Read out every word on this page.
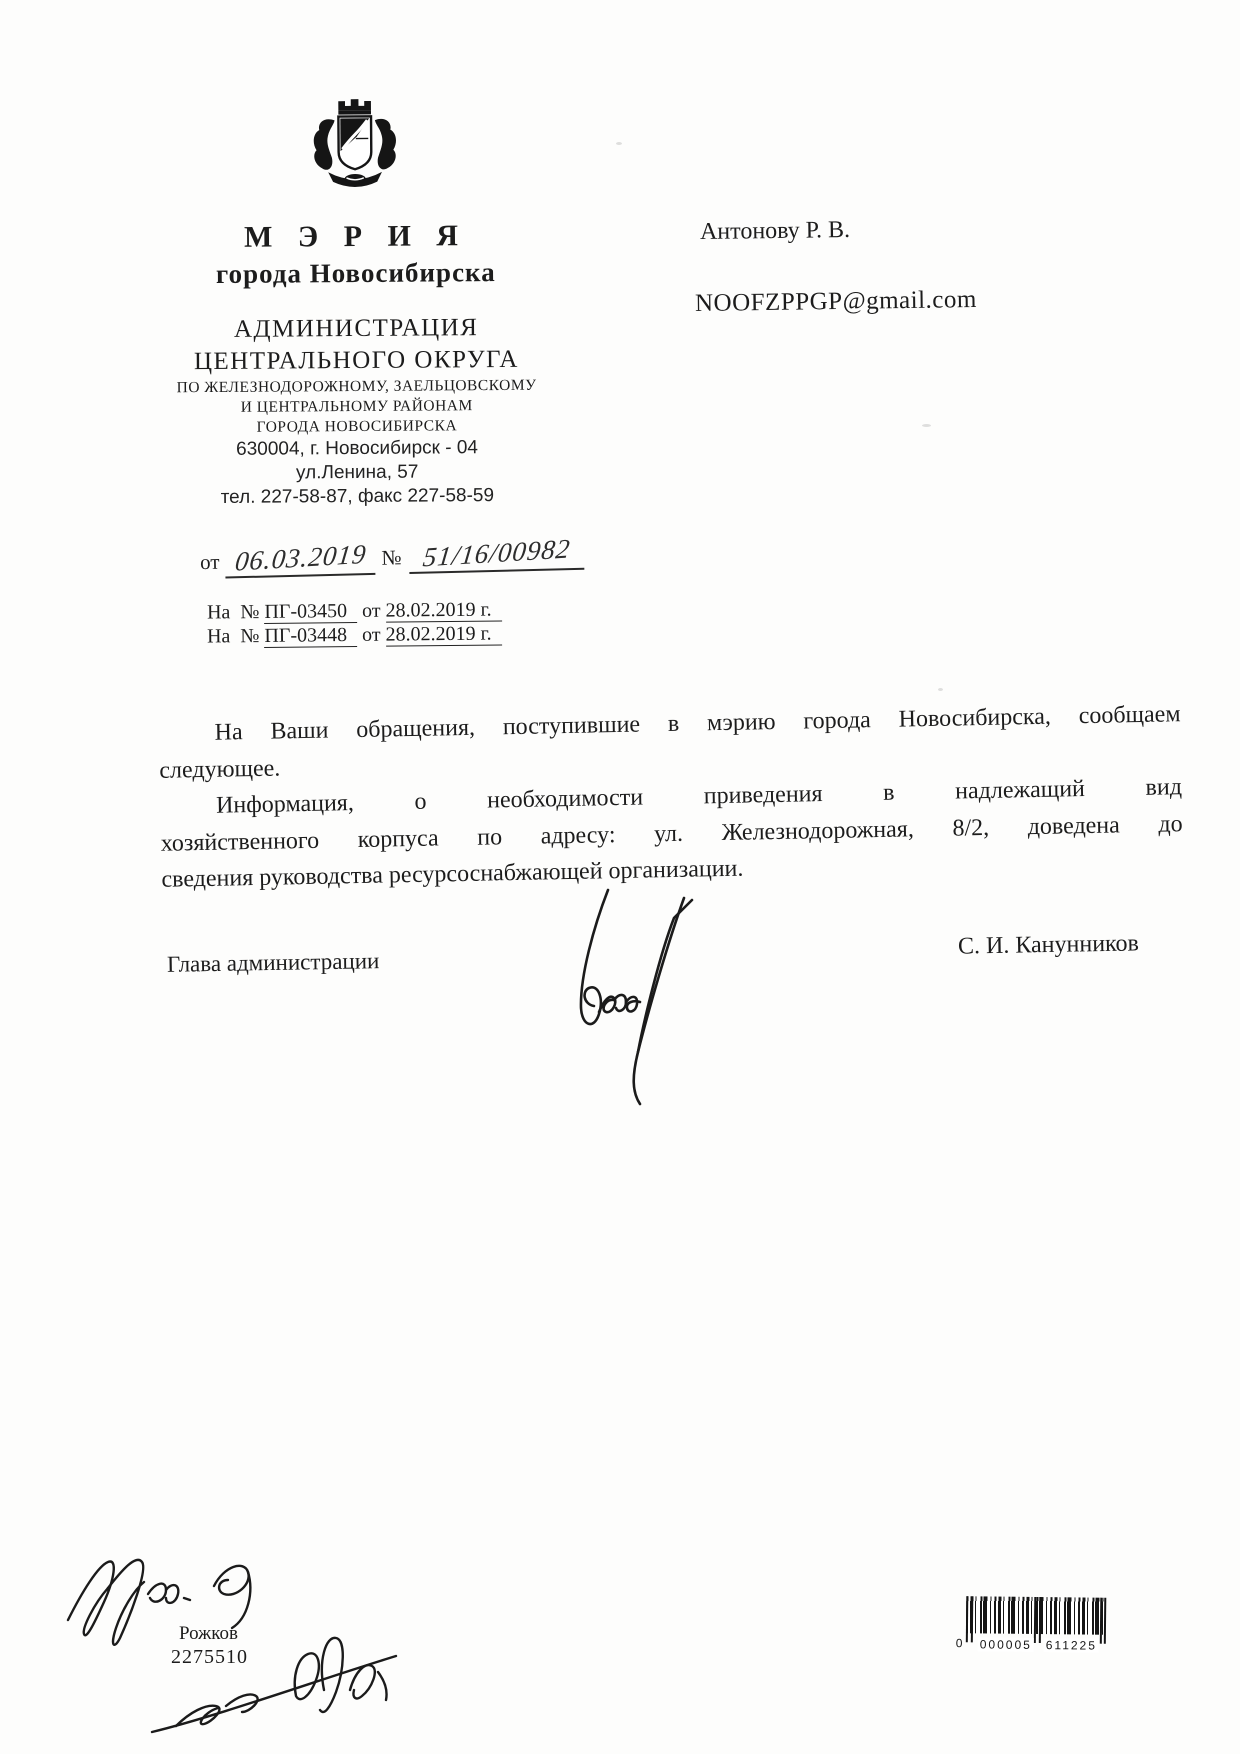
М Э Р И Я
города Новосибирска
АДМИНИСТРАЦИЯ
ЦЕНТРАЛЬНОГО ОКРУГА
ПО ЖЕЛЕЗНОДОРОЖНОМУ, ЗАЕЛЬЦОВСКОМУ
И ЦЕНТРАЛЬНОМУ РАЙОНАМ
ГОРОДА НОВОСИБИРСКА
630004, г. Новосибирск - 04
ул.Ленина, 57
тел. 227-58-87, факс 227-58-59
от 06.03.2019 № 51/16/00982
На № ПГ-03450 от 28.02.2019 г.
На № ПГ-03448 от 28.02.2019 г.
Антонову Р. В.
NOOFZPPGP@gmail.com
На Ваши обращения, поступившие в мэрию города Новосибирска, сообщаем
следующее.
Информация, о необходимости приведения в надлежащий вид
хозяйственного корпуса по адресу: ул. Железнодорожная, 8/2, доведена до
сведения руководства ресурсоснабжающей организации.
Глава администрации
С. И. Канунников
Рожков
2275510
0 000005 611225
